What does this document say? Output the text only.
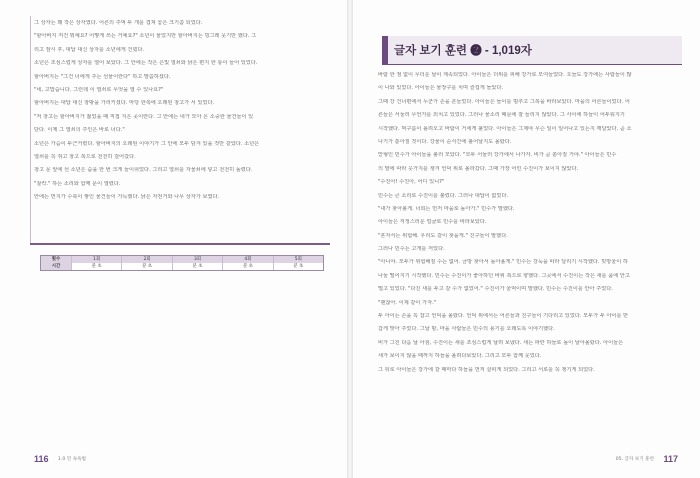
그 상자는 꽤 작은 상자였다. 어른의 주먹 두 개를 겹쳐 놓은 크기쯤 되었다.

"할아버지 저건 뭐예요? 어떻게 쓰는 거예요?" 소년이 물었지만 할아버지는 빙그레 웃기만 했다. 그

리고 잠시 후, 대답 대신 상자를 소년에게 건넸다.

소년은 조심스럽게 상자를 열어 보았다. 그 안에는 작은 은빛 열쇠와 낡은 편지 한 통이 들어 있었다.

할아버지는 "그건 너에게 주는 선물이란다" 하고 말씀하셨다.

"네, 고맙습니다. 그런데 이 열쇠로 무엇을 열 수 있나요?"

할아버지는 대답 대신 창밖을 가리키셨다. 마당 한쪽에 오래된 창고가 서 있었다.

"저 창고는 할아버지가 젊었을 때 직접 지은 곳이란다. 그 안에는 내가 모아 온 소중한 물건들이 있

단다. 이제 그 열쇠의 주인은 바로 너다."

소년은 가슴이 두근거렸다. 할아버지의 오래된 이야기가 그 안에 모두 담겨 있을 것만 같았다. 소년은

열쇠를 꼭 쥐고 창고 쪽으로 천천히 걸어갔다.

창고 문 앞에 선 소년은 숨을 한 번 크게 들이쉬었다. 그리고 열쇠를 자물쇠에 넣고 천천히 돌렸다.

"찰칵." 하는 소리와 함께 문이 열렸다.

안에는 먼지가 수북이 쌓인 물건들이 가득했다. 낡은 자전거와 나무 상자가 보였다.

횟수	1회	2회	3회	4회	5회
시간	분 초	분 초	분 초	분 초	분 초
116 1.0 민 속독법
글자 보기 훈련 ❷ - 1,019자

바람 한 점 없이 무더운 날이 계속되었다. 아이들은 더위를 피해 강가로 모여들었다. 오늘도 강가에는 사람들이 많

이 나와 있었다. 아이들은 물장구를 치며 즐겁게 놀았다.

그때 강 건너편에서 누군가 손을 흔들었다. 아이들은 놀이를 멈추고 그쪽을 바라보았다. 마을의 어른들이었다. 어

른들은 서둘러 무언가를 외치고 있었다. 그러나 물소리 때문에 잘 들리지 않았다. 그 사이에 하늘이 어두워지기

시작했다. 먹구름이 몰려오고 바람이 거세게 불었다. 아이들은 그제야 무슨 일이 일어나고 있는지 깨달았다. 곧 소

나기가 쏟아질 것이다. 강물이 순식간에 불어날지도 몰랐다.

맏형인 민수가 아이들을 불러 모았다. "모두 서둘러 강가에서 나가자. 비가 곧 쏟아질 거야." 아이들은 민수

의 말에 따라 옷가지를 챙겨 언덕 위로 올라갔다. 그때 가장 어린 수진이가 보이지 않았다.

"수진아! 수진아, 어디 있니?"

민수는 큰 소리로 수진이를 불렀다. 그러나 대답이 없었다.

"내가 찾아볼게. 너희는 먼저 마을로 돌아가." 민수가 말했다.

아이들은 걱정스러운 얼굴로 민수를 바라보았다.

"혼자서는 위험해. 우리도 같이 찾을게." 친구들이 말했다.

그러나 민수는 고개를 저었다.

"아니야. 모두가 위험해질 수는 없어. 금방 찾아서 돌아올게." 민수는 강둑을 따라 달리기 시작했다. 빗방울이 하

나둘 떨어지기 시작했다. 민수는 수진이가 좋아하던 바위 쪽으로 향했다. 그곳에서 수진이는 작은 새를 품에 안고

떨고 있었다. "다친 새를 두고 갈 수가 없었어." 수진이가 울먹이며 말했다. 민수는 수진이를 안아 주었다.

"괜찮아. 이제 같이 가자."

두 아이는 손을 꼭 잡고 언덕을 올랐다. 언덕 위에서는 어른들과 친구들이 기다리고 있었다. 모두가 두 아이를 반

갑게 맞아 주었다. 그날 밤, 마을 사람들은 민수의 용기를 오래도록 이야기했다.

비가 그친 다음 날 아침, 수진이는 새를 조심스럽게 날려 보냈다. 새는 파란 하늘로 높이 날아올랐다. 아이들은

새가 보이지 않을 때까지 하늘을 올려다보았다. 그리고 모두 함께 웃었다.

그 뒤로 아이들은 강가에 갈 때마다 하늘을 먼저 살피게 되었다. 그리고 서로를 꼭 챙기게 되었다.

05. 글자 보기 훈련 117
